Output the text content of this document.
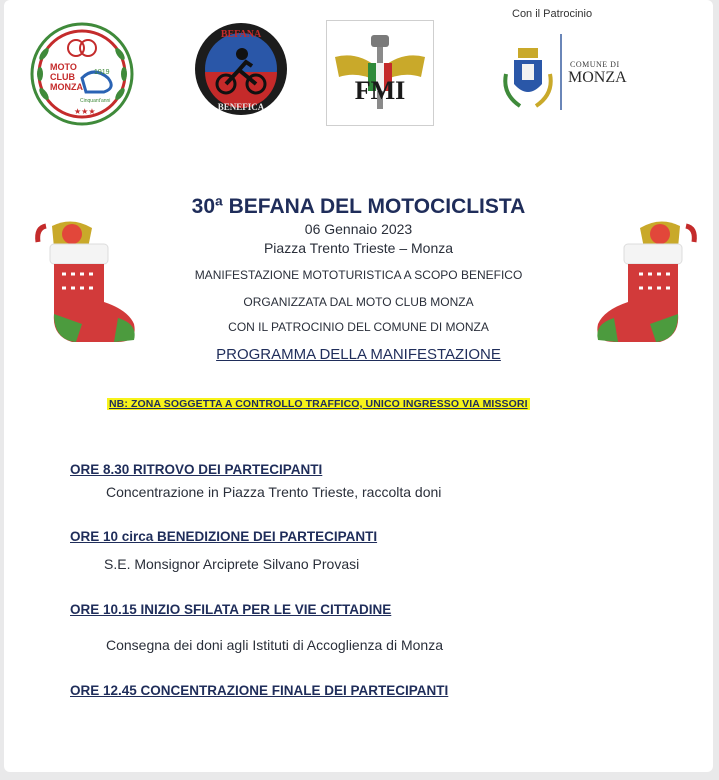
MOTO
CLUB
MONZA
1919
Cinquant'anni
★★★
BEFANA
BENEFICA
FMI
Con il Patrocinio
COMUNE DI
MONZA
30ª BEFANA DEL MOTOCICLISTA
06 Gennaio 2023
Piazza Trento Trieste – Monza
MANIFESTAZIONE MOTOTURISTICA A SCOPO BENEFICO
ORGANIZZATA DAL MOTO CLUB MONZA
CON IL PATROCINIO DEL COMUNE DI MONZA
PROGRAMMA DELLA MANIFESTAZIONE
NB: ZONA SOGGETTA A CONTROLLO TRAFFICO, UNICO INGRESSO VIA MISSORI
ORE 8.30 RITROVO DEI PARTECIPANTI
Concentrazione in Piazza Trento Trieste, raccolta doni
ORE 10 circa BENEDIZIONE DEI PARTECIPANTI
S.E. Monsignor Arciprete Silvano Provasi
ORE 10.15 INIZIO SFILATA PER LE VIE CITTADINE
Consegna dei doni agli Istituti di Accoglienza di Monza
ORE 12.45 CONCENTRAZIONE FINALE DEI PARTECIPANTI
